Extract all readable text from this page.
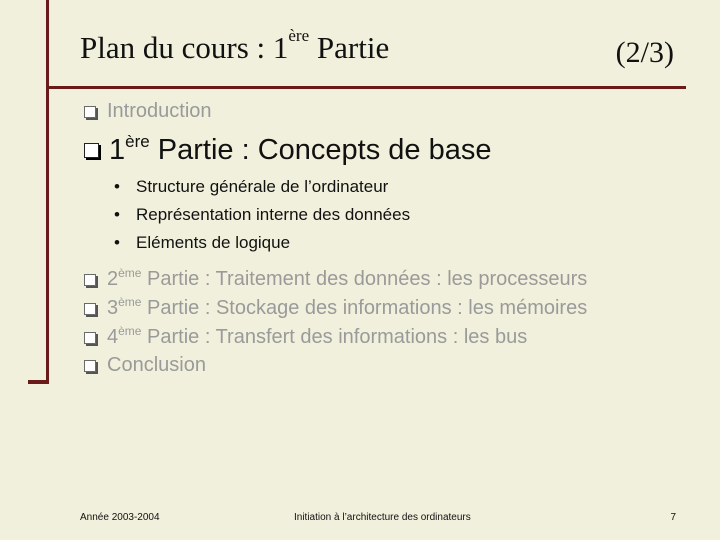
Plan du cours : 1ère Partie	(2/3)
Introduction
1ère Partie : Concepts de base
• Structure générale de l’ordinateur
• Représentation interne des données
• Eléments de logique
2ème Partie : Traitement des données : les processeurs
3ème Partie : Stockage des informations : les mémoires
4ème Partie : Transfert des informations : les bus
Conclusion
Année 2003-2004	Initiation à l’architecture des ordinateurs	7
